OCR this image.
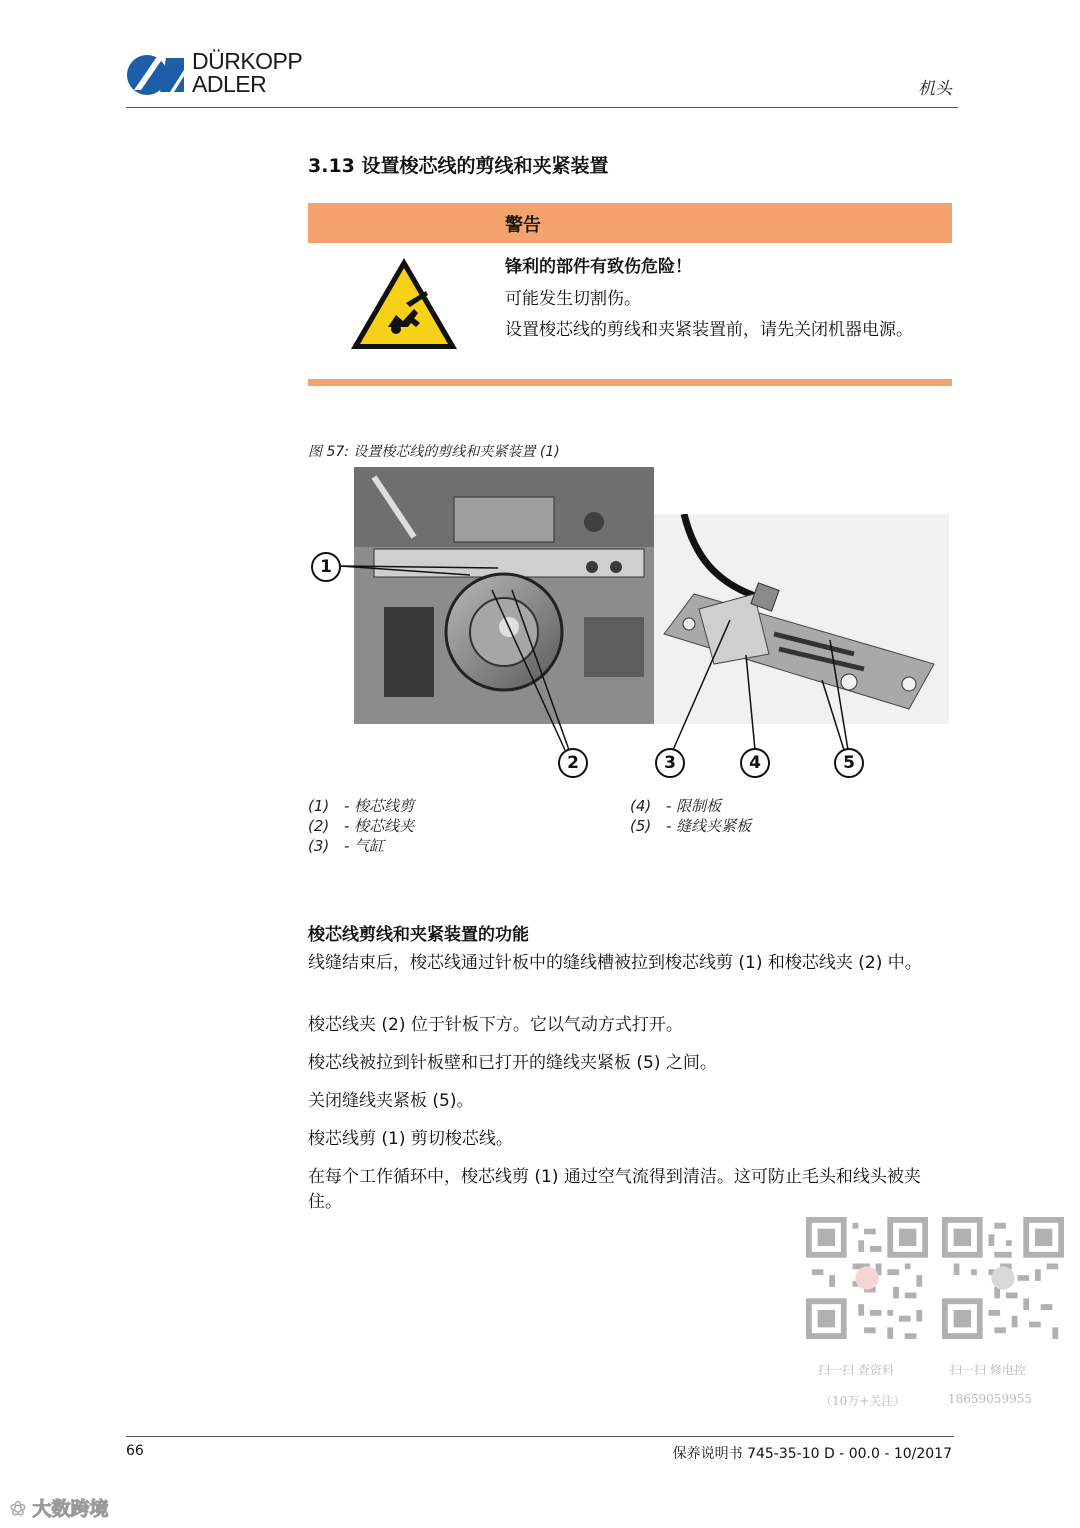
DÜRKOPP
ADLER	机头
3.13 设置梭芯线的剪线和夹紧装置
警告
锋利的部件有致伤危险！
可能发生切割伤。
设置梭芯线的剪线和夹紧装置前，请先关闭机器电源。
图 57: 设置梭芯线的剪线和夹紧装置 (1)
1
2	3	4	5
(1) - 梭芯线剪
(2) - 梭芯线夹
(3) - 气缸
(4) - 限制板
(5) - 缝线夹紧板
梭芯线剪线和夹紧装置的功能
线缝结束后，梭芯线通过针板中的缝线槽被拉到梭芯线剪 (1) 和梭芯线夹 (2) 中。
梭芯线夹 (2) 位于针板下方。它以气动方式打开。
梭芯线被拉到针板壁和已打开的缝线夹紧板 (5) 之间。
关闭缝线夹紧板 (5)。
梭芯线剪 (1) 剪切梭芯线。
在每个工作循环中，梭芯线剪 (1) 通过空气流得到清洁。这可防止毛头和线头被夹住。
扫一扫 查资料
（10万+关注）
扫一扫 修电控
18659059955
66	保养说明书 745-35-10 D - 00.0 - 10/2017
✿ 大数跨境
